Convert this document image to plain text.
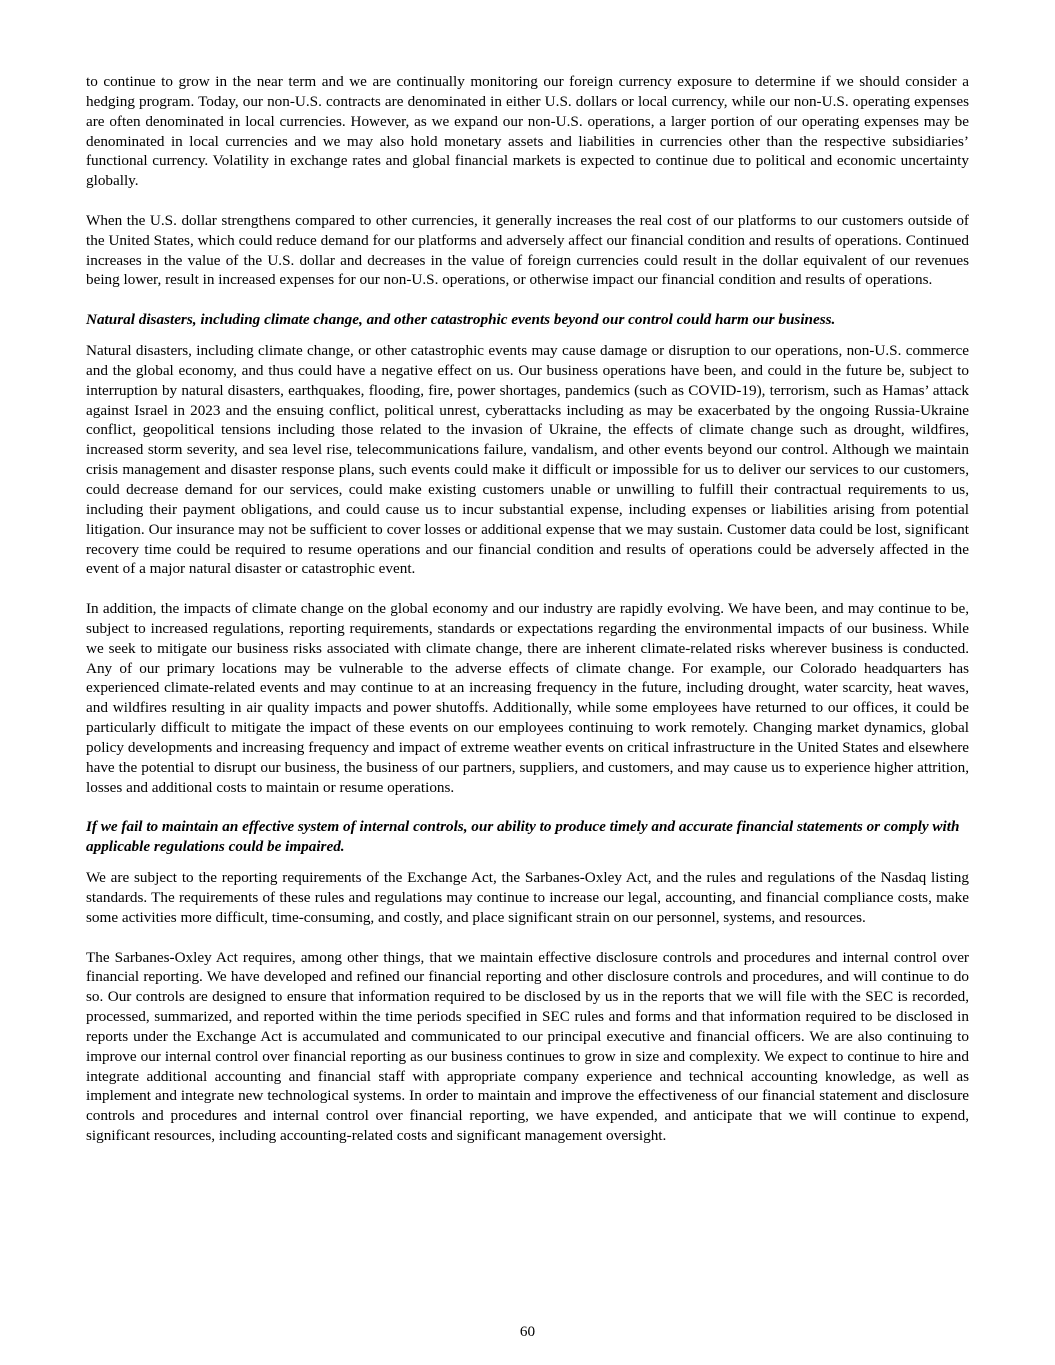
to continue to grow in the near term and we are continually monitoring our foreign currency exposure to determine if we should consider a hedging program. Today, our non-U.S. contracts are denominated in either U.S. dollars or local currency, while our non-U.S. operating expenses are often denominated in local currencies. However, as we expand our non-U.S. operations, a larger portion of our operating expenses may be denominated in local currencies and we may also hold monetary assets and liabilities in currencies other than the respective subsidiaries’ functional currency. Volatility in exchange rates and global financial markets is expected to continue due to political and economic uncertainty globally.

When the U.S. dollar strengthens compared to other currencies, it generally increases the real cost of our platforms to our customers outside of the United States, which could reduce demand for our platforms and adversely affect our financial condition and results of operations. Continued increases in the value of the U.S. dollar and decreases in the value of foreign currencies could result in the dollar equivalent of our revenues being lower, result in increased expenses for our non-U.S. operations, or otherwise impact our financial condition and results of operations.

Natural disasters, including climate change, and other catastrophic events beyond our control could harm our business.

Natural disasters, including climate change, or other catastrophic events may cause damage or disruption to our operations, non-U.S. commerce and the global economy, and thus could have a negative effect on us. Our business operations have been, and could in the future be, subject to interruption by natural disasters, earthquakes, flooding, fire, power shortages, pandemics (such as COVID-19), terrorism, such as Hamas’ attack against Israel in 2023 and the ensuing conflict, political unrest, cyberattacks including as may be exacerbated by the ongoing Russia-Ukraine conflict, geopolitical tensions including those related to the invasion of Ukraine, the effects of climate change such as drought, wildfires, increased storm severity, and sea level rise, telecommunications failure, vandalism, and other events beyond our control. Although we maintain crisis management and disaster response plans, such events could make it difficult or impossible for us to deliver our services to our customers, could decrease demand for our services, could make existing customers unable or unwilling to fulfill their contractual requirements to us, including their payment obligations, and could cause us to incur substantial expense, including expenses or liabilities arising from potential litigation. Our insurance may not be sufficient to cover losses or additional expense that we may sustain. Customer data could be lost, significant recovery time could be required to resume operations and our financial condition and results of operations could be adversely affected in the event of a major natural disaster or catastrophic event.

In addition, the impacts of climate change on the global economy and our industry are rapidly evolving. We have been, and may continue to be, subject to increased regulations, reporting requirements, standards or expectations regarding the environmental impacts of our business. While we seek to mitigate our business risks associated with climate change, there are inherent climate-related risks wherever business is conducted. Any of our primary locations may be vulnerable to the adverse effects of climate change. For example, our Colorado headquarters has experienced climate-related events and may continue to at an increasing frequency in the future, including drought, water scarcity, heat waves, and wildfires resulting in air quality impacts and power shutoffs. Additionally, while some employees have returned to our offices, it could be particularly difficult to mitigate the impact of these events on our employees continuing to work remotely. Changing market dynamics, global policy developments and increasing frequency and impact of extreme weather events on critical infrastructure in the United States and elsewhere have the potential to disrupt our business, the business of our partners, suppliers, and customers, and may cause us to experience higher attrition, losses and additional costs to maintain or resume operations.

If we fail to maintain an effective system of internal controls, our ability to produce timely and accurate financial statements or comply with applicable regulations could be impaired.

We are subject to the reporting requirements of the Exchange Act, the Sarbanes-Oxley Act, and the rules and regulations of the Nasdaq listing standards. The requirements of these rules and regulations may continue to increase our legal, accounting, and financial compliance costs, make some activities more difficult, time-consuming, and costly, and place significant strain on our personnel, systems, and resources.

The Sarbanes-Oxley Act requires, among other things, that we maintain effective disclosure controls and procedures and internal control over financial reporting. We have developed and refined our financial reporting and other disclosure controls and procedures, and will continue to do so. Our controls are designed to ensure that information required to be disclosed by us in the reports that we will file with the SEC is recorded, processed, summarized, and reported within the time periods specified in SEC rules and forms and that information required to be disclosed in reports under the Exchange Act is accumulated and communicated to our principal executive and financial officers. We are also continuing to improve our internal control over financial reporting as our business continues to grow in size and complexity. We expect to continue to hire and integrate additional accounting and financial staff with appropriate company experience and technical accounting knowledge, as well as implement and integrate new technological systems. In order to maintain and improve the effectiveness of our financial statement and disclosure controls and procedures and internal control over financial reporting, we have expended, and anticipate that we will continue to expend, significant resources, including accounting-related costs and significant management oversight.

60
